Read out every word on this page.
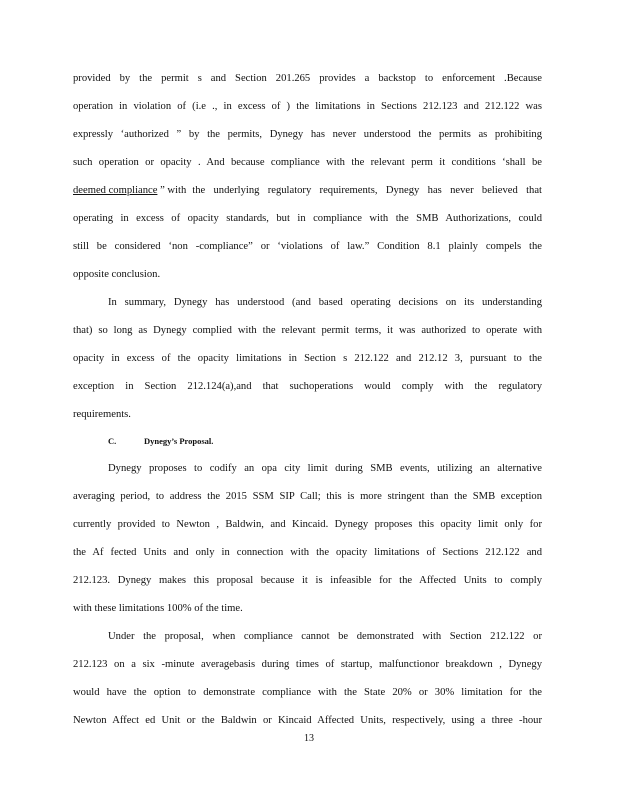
provided by the permit s and Section 201.265 provides a backstop to enforcement .Because
operation in violation of (i.e ., in excess of ) the limitations in Sections 212.123 and 212.122 was
expressly ‘authorized ” by the permits, Dynegy has never understood the permits as prohibiting
such operation or opacity . And because compliance with the relevant perm it conditions ‘shall be
deemed compliance ” with the underlying regulatory requirements, Dynegy has never believed that
operating in excess of opacity standards, but in compliance with the SMB Authorizations, could
still be considered ‘non -compliance” or ‘violations of law.” Condition 8.1 plainly compels the
opposite conclusion.
In summary, Dynegy has understood (and based operating decisions on its understanding
that) so long as Dynegy complied with the relevant permit terms, it was authorized to operate with
opacity in excess of the opacity limitations in Section s 212.122 and 212.12 3, pursuant to the
exception in Section 212.124(a),and that suchoperations would comply with the regulatory
requirements.
C.	Dynegy’s Proposal.
Dynegy proposes to codify an opa city limit during SMB events, utilizing an alternative
averaging period, to address the 2015 SSM SIP Call; this is more stringent than the SMB exception
currently provided to Newton , Baldwin, and Kincaid. Dynegy proposes this opacity limit only for
the Af fected Units and only in connection with the opacity limitations of Sections 212.122 and
212.123. Dynegy makes this proposal because it is infeasible for the Affected Units to comply
with these limitations 100% of the time.
Under the proposal, when compliance cannot be demonstrated with Section 212.122 or
212.123 on a six -minute averagebasis during times of startup, malfunctionor breakdown , Dynegy
would have the option to demonstrate compliance with the State 20% or 30% limitation for the
Newton Affect ed Unit or the Baldwin or Kincaid Affected Units, respectively, using a three -hour
13
